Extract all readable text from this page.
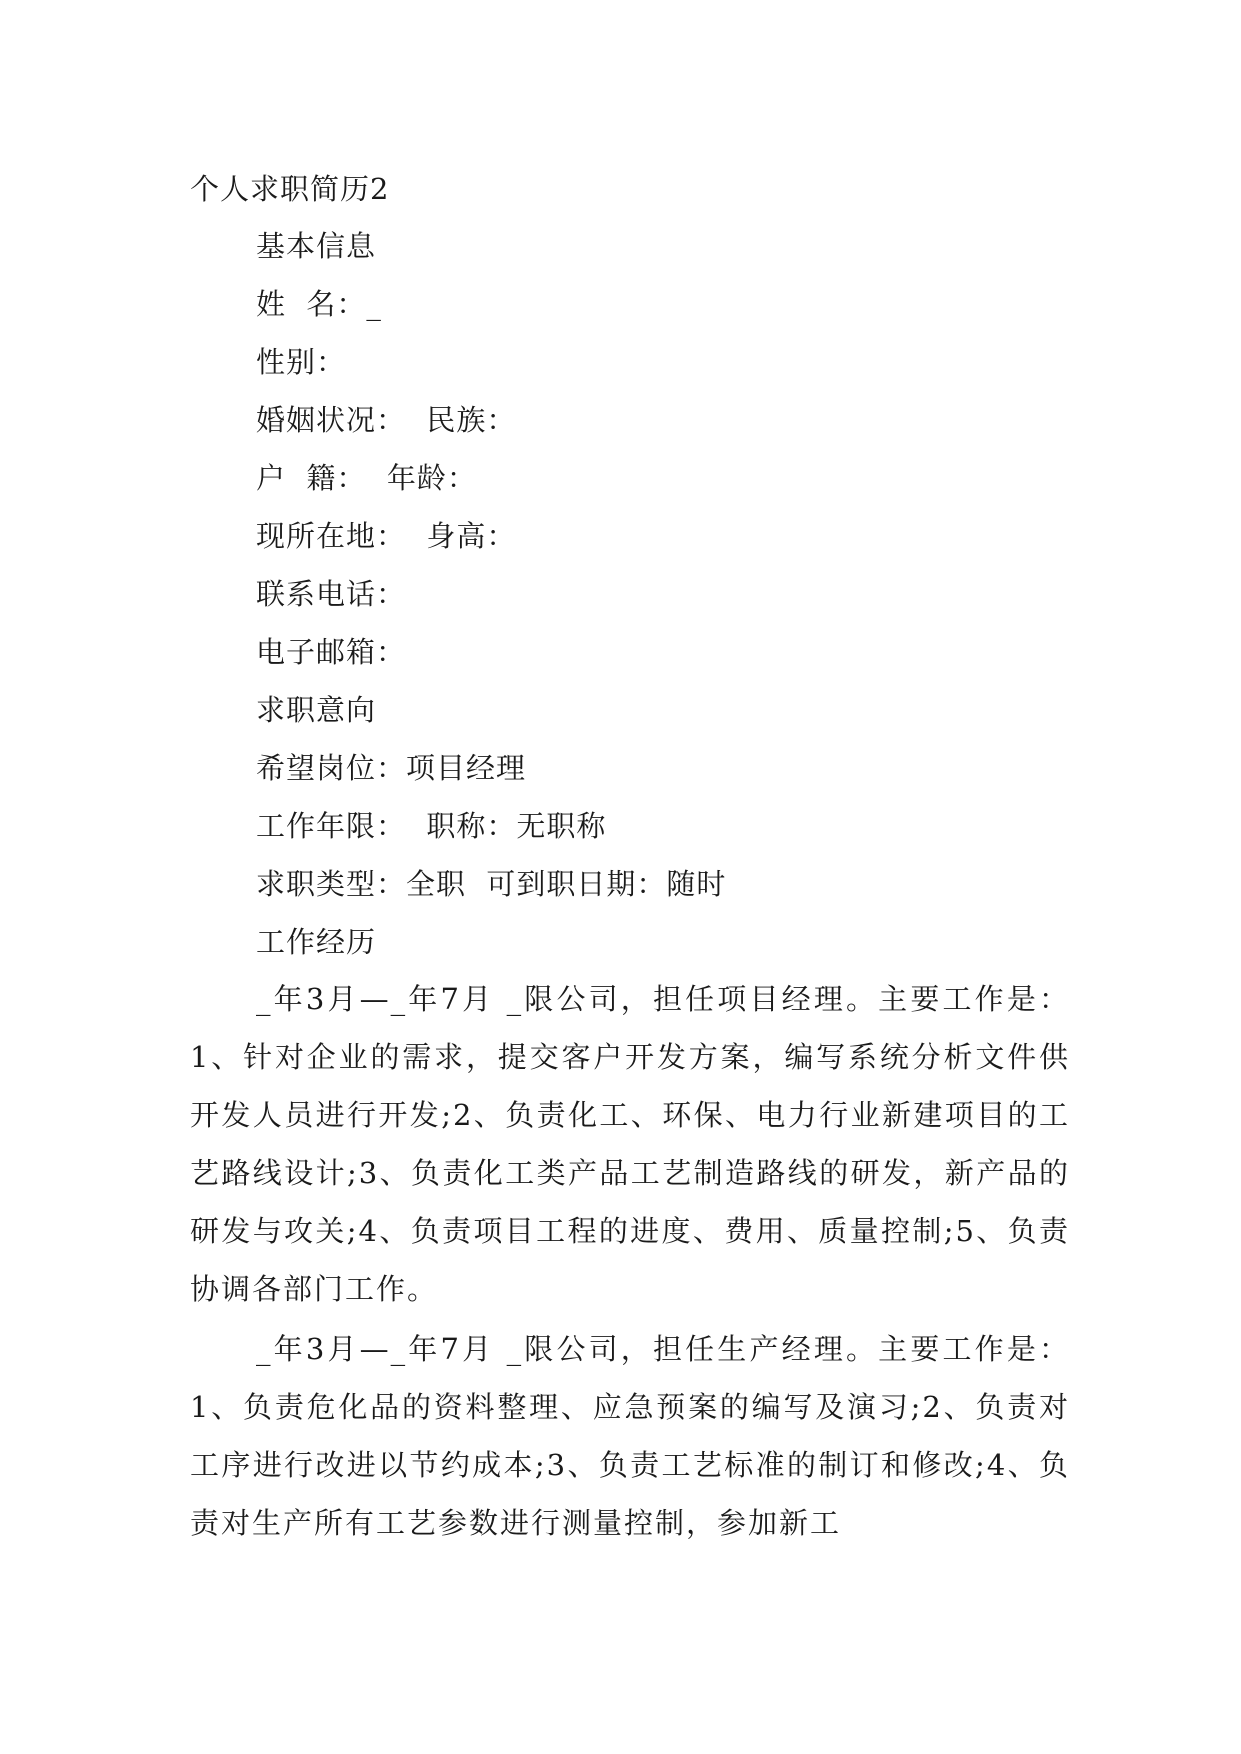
个人求职简历2
基本信息
姓  名：_
性别：
婚姻状况：  民族：
户  籍：  年龄：
现所在地：  身高：
联系电话：
电子邮箱：
求职意向
希望岗位：项目经理
工作年限：  职称：无职称
求职类型：全职  可到职日期：随时
工作经历

_年3月—_年7月 _限公司，担任项目经理。主要工作是：1、针对企业的需求，提交客户开发方案，编写系统分析文件供开发人员进行开发;2、负责化工、环保、电力行业新建项目的工艺路线设计;3、负责化工类产品工艺制造路线的研发，新产品的研发与攻关;4、负责项目工程的进度、费用、质量控制;5、负责协调各部门工作。

_年3月—_年7月 _限公司，担任生产经理。主要工作是：1、负责危化品的资料整理、应急预案的编写及演习;2、负责对工序进行改进以节约成本;3、负责工艺标准的制订和修改;4、负责对生产所有工艺参数进行测量控制，参加新工
